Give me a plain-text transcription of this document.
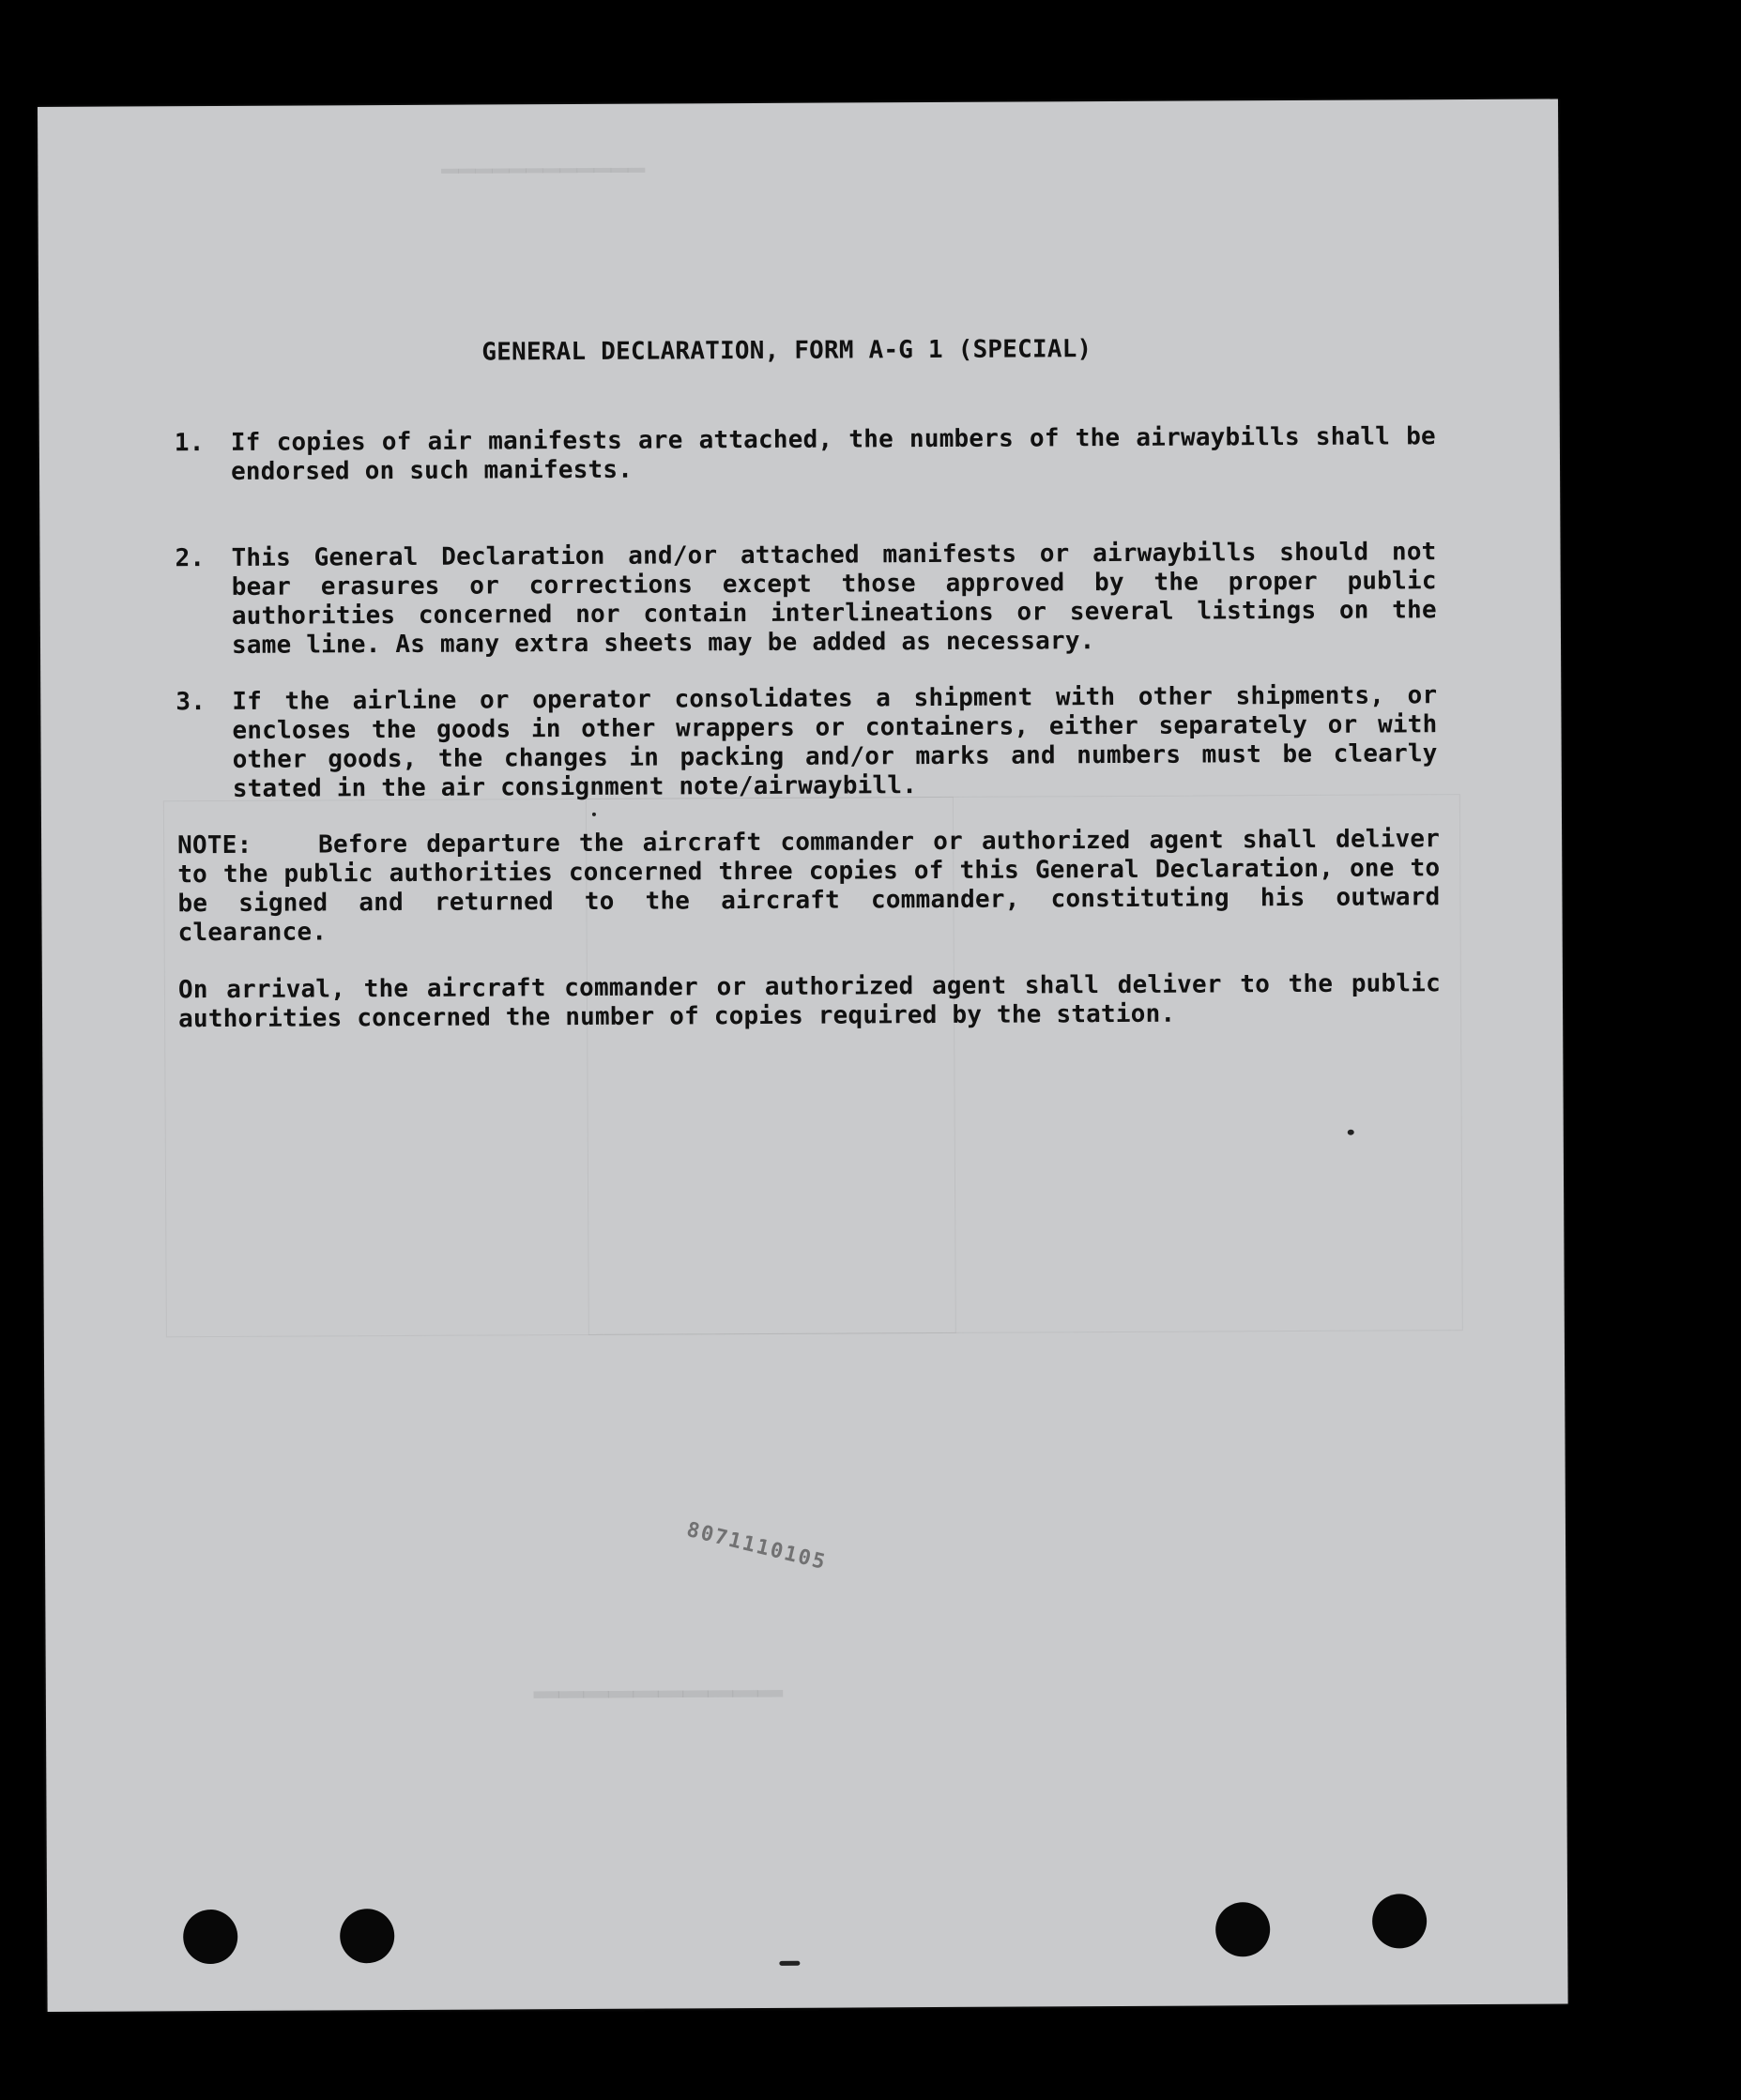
━━━━━━━━━━━━
━━━━━━━━━━
GENERAL DECLARATION, FORM A-G 1 (SPECIAL)
1.	If copies of air manifests are attached, the numbers of the airwaybills shall be endorsed on such manifests.
2.	This General Declaration and/or attached manifests or airwaybills should not bear erasures or corrections except those approved by the proper public authorities concerned nor contain interlineations or several listings on the same line. As many extra sheets may be added as necessary.
3.	If the airline or operator consolidates a shipment with other shipments, or encloses the goods in other wrappers or containers, either separately or with other goods, the changes in packing and/or marks and numbers must be clearly stated in the air consignment note/airwaybill.
NOTE:	Before departure the aircraft commander or authorized agent shall deliver to the public authorities concerned three copies of this General Declaration, one to be signed and returned to the aircraft commander, constituting his outward clearance.
On arrival, the aircraft commander or authorized agent shall deliver to the public authorities concerned the number of copies required by the station.
8071110105
